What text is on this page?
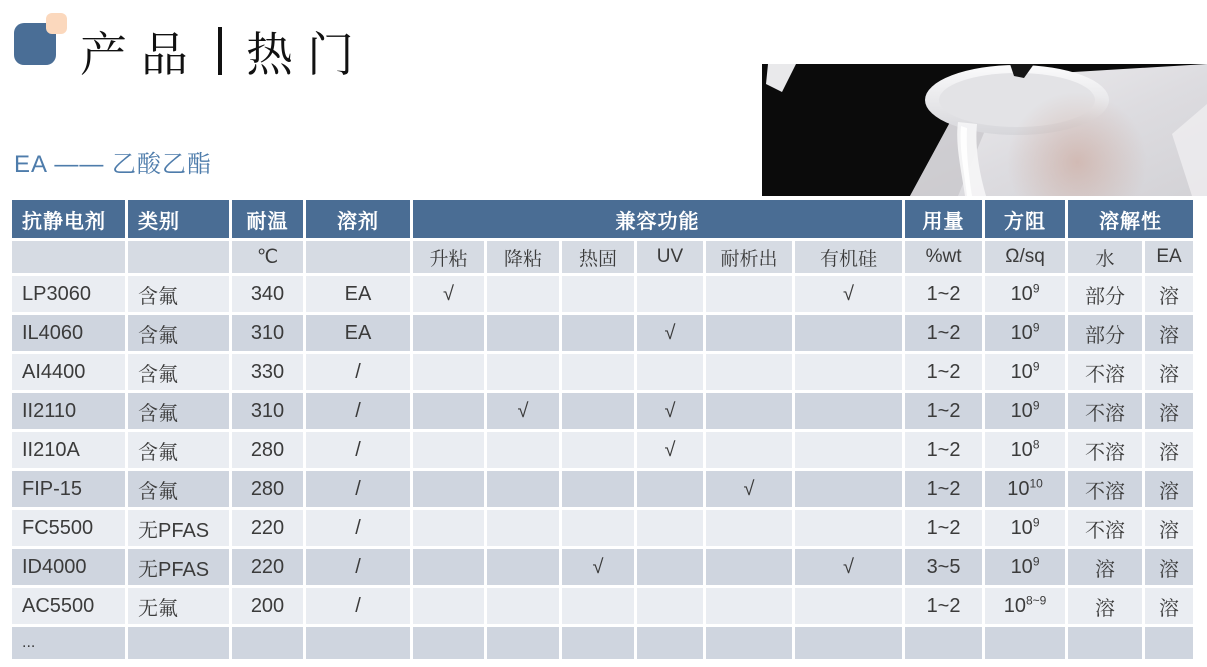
产品 热门
EA —— 乙酸乙酯
抗静电剂	类别	耐温	溶剂	兼容功能						用量	方阻	溶解性	
		℃		升粘	降粘	热固	UV	耐析出	有机硅	%wt	Ω/sq	水	EA
LP3060	含氟	340	EA	√					√	1~2	$10^9$	部分	溶
IL4060	含氟	310	EA				√			1~2	$10^9$	部分	溶
AI4400	含氟	330	/							1~2	$10^9$	不溶	溶
II2110	含氟	310	/		√		√			1~2	$10^9$	不溶	溶
II210A	含氟	280	/				√			1~2	$10^8$	不溶	溶
FIP-15	含氟	280	/					√		1~2	$10^{10}$	不溶	溶
FC5500	无PFAS	220	/							1~2	$10^9$	不溶	溶
ID4000	无PFAS	220	/			√			√	3~5	$10^9$	溶	溶
AC5500	无氟	200	/							1~2	$10^{8\sim 9}$	溶	溶
...													
